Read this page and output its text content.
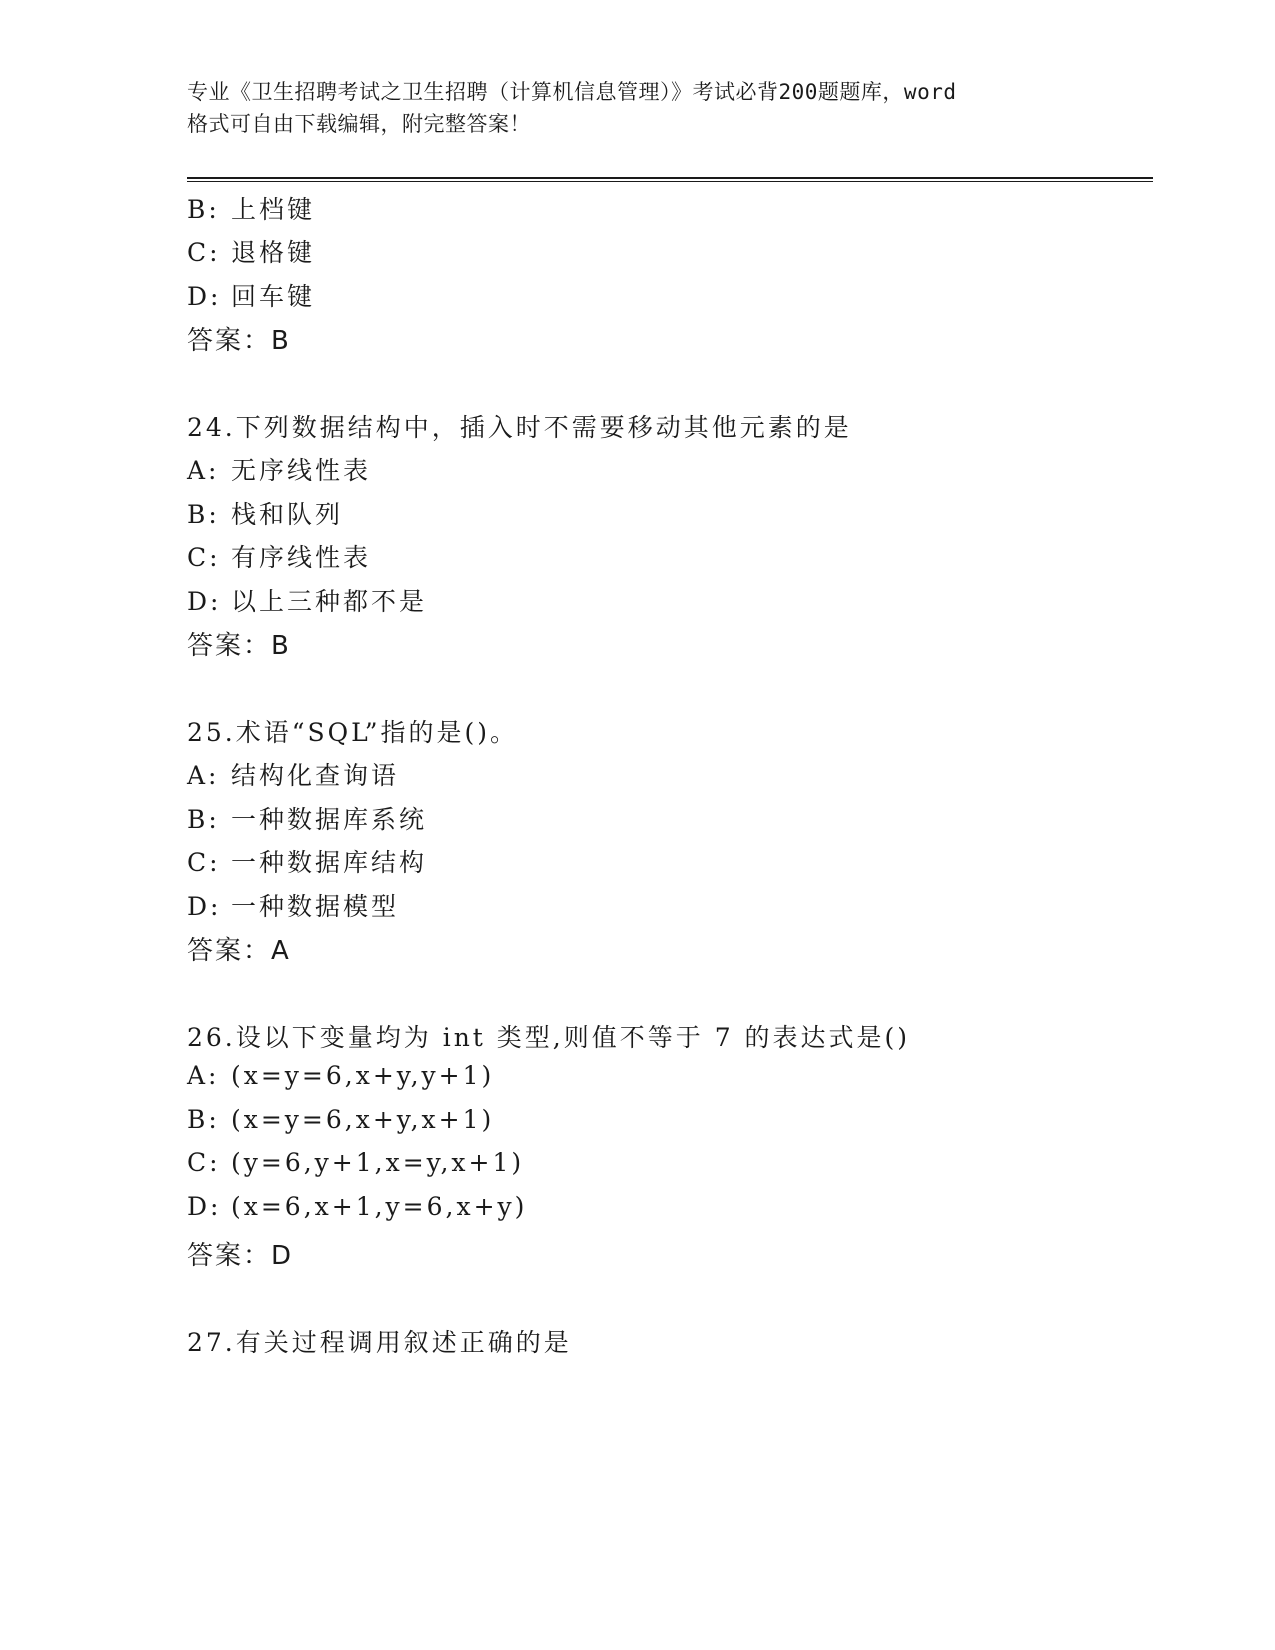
专业《卫生招聘考试之卫生招聘（计算机信息管理）》考试必背200题题库，word
格式可自由下载编辑，附完整答案！
B: 上档键
C: 退格键
D: 回车键
答案：B
24.下列数据结构中，插入时不需要移动其他元素的是
A: 无序线性表
B: 栈和队列
C: 有序线性表
D: 以上三种都不是
答案：B
25.术语“SQL”指的是()。
A: 结构化查询语
B: 一种数据库系统
C: 一种数据库结构
D: 一种数据模型
答案：A
26.设以下变量均为 int 类型,则值不等于 7 的表达式是()
A: (x=y=6,x+y,y+1)
B: (x=y=6,x+y,x+1)
C: (y=6,y+1,x=y,x+1)
D: (x=6,x+1,y=6,x+y)
答案：D
27.有关过程调用叙述正确的是
